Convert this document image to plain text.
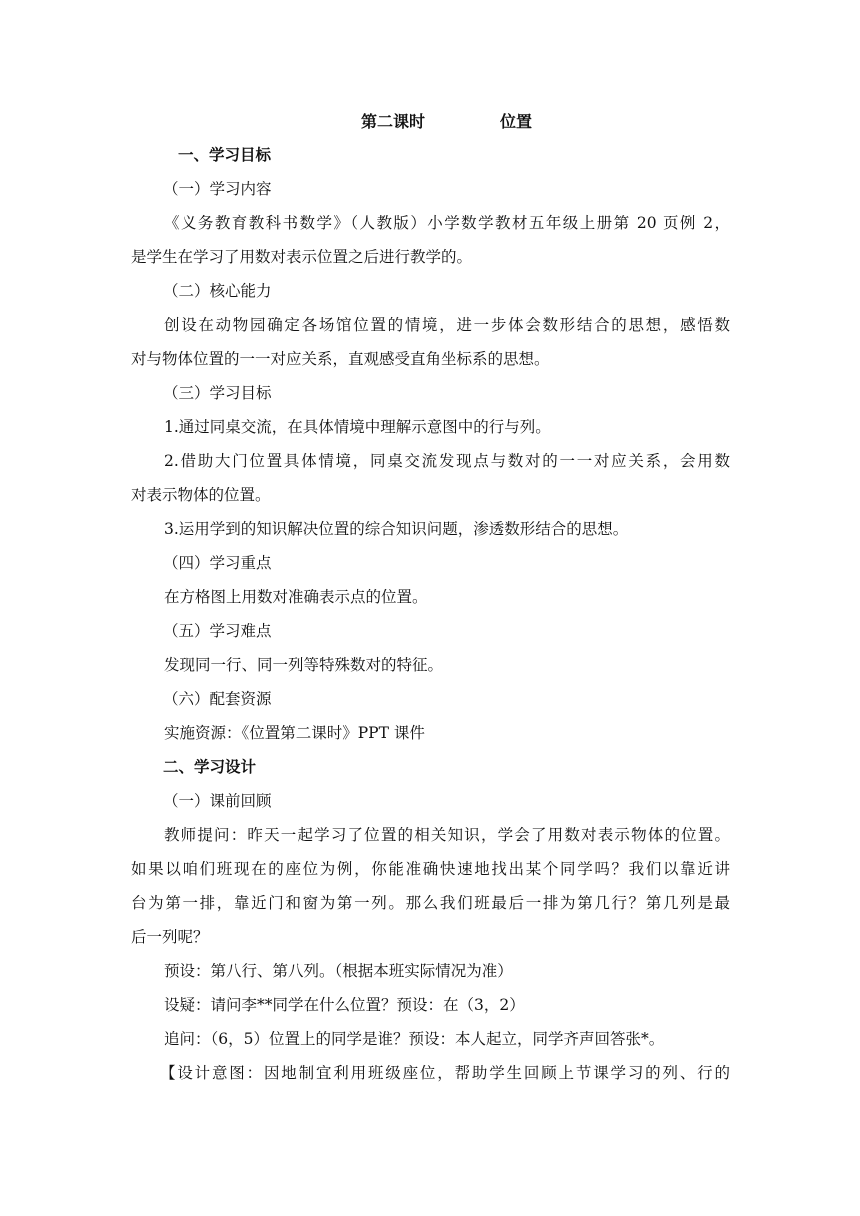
第二课时	位置
一、学习目标
（一）学习内容
《义务教育教科书数学》（人教版）小学数学教材五年级上册第 20 页例 2，
是学生在学习了用数对表示位置之后进行教学的。
（二）核心能力
创设在动物园确定各场馆位置的情境，进一步体会数形结合的思想，感悟数
对与物体位置的一一对应关系，直观感受直角坐标系的思想。
（三）学习目标
1.通过同桌交流，在具体情境中理解示意图中的行与列。
2.借助大门位置具体情境，同桌交流发现点与数对的一一对应关系，会用数
对表示物体的位置。
3.运用学到的知识解决位置的综合知识问题，渗透数形结合的思想。
（四）学习重点
在方格图上用数对准确表示点的位置。
（五）学习难点
发现同一行、同一列等特殊数对的特征。
（六）配套资源
实施资源：《位置第二课时》PPT 课件
二、学习设计
（一）课前回顾
教师提问：昨天一起学习了位置的相关知识，学会了用数对表示物体的位置。
如果以咱们班现在的座位为例，你能准确快速地找出某个同学吗？我们以靠近讲
台为第一排，靠近门和窗为第一列。那么我们班最后一排为第几行？第几列是最
后一列呢？
预设：第八行、第八列。（根据本班实际情况为准）
设疑：请问李**同学在什么位置？预设：在（3，2）
追问：（6，5）位置上的同学是谁？预设：本人起立，同学齐声回答张*。
【设计意图：因地制宜利用班级座位，帮助学生回顾上节课学习的列、行的
